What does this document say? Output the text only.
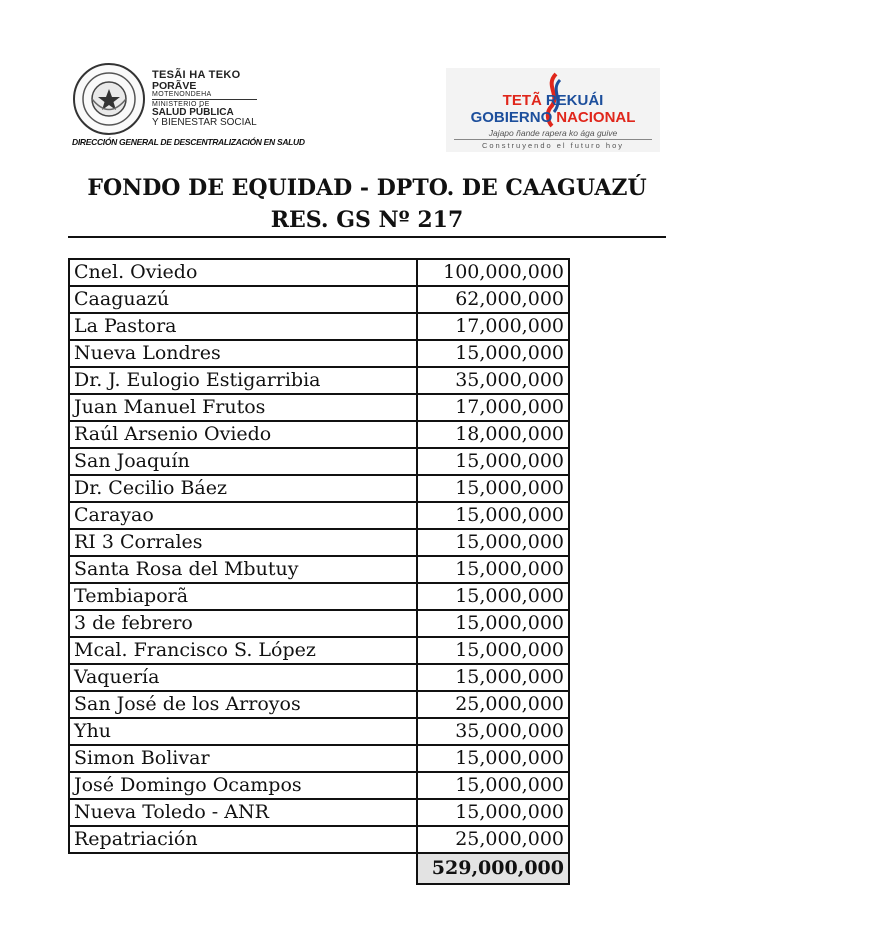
TESÃI HA TEKO
PORÃVE
MOTENONDEHA
MINISTERIO DE
SALUD PÚBLICA
Y BIENESTAR SOCIAL
DIRECCIÓN GENERAL DE DESCENTRALIZACIÓN EN SALUD
TETÃ REKUÁI
GOBIERNO NACIONAL
Jajapo ñande rapera ko ága guive
Construyendo el futuro hoy
FONDO DE EQUIDAD - DPTO. DE CAAGUAZÚ
RES. GS Nº 217
Cnel. Oviedo	100,000,000
Caaguazú	62,000,000
La Pastora	17,000,000
Nueva Londres	15,000,000
Dr. J. Eulogio Estigarribia	35,000,000
Juan Manuel Frutos	17,000,000
Raúl Arsenio Oviedo	18,000,000
San Joaquín	15,000,000
Dr. Cecilio Báez	15,000,000
Carayao	15,000,000
RI 3 Corrales	15,000,000
Santa Rosa del Mbutuy	15,000,000
Tembiaporã	15,000,000
3 de febrero	15,000,000
Mcal. Francisco S. López	15,000,000
Vaquería	15,000,000
San José de los Arroyos	25,000,000
Yhu	35,000,000
Simon Bolivar	15,000,000
José Domingo Ocampos	15,000,000
Nueva Toledo - ANR	15,000,000
Repatriación	25,000,000
	529,000,000
